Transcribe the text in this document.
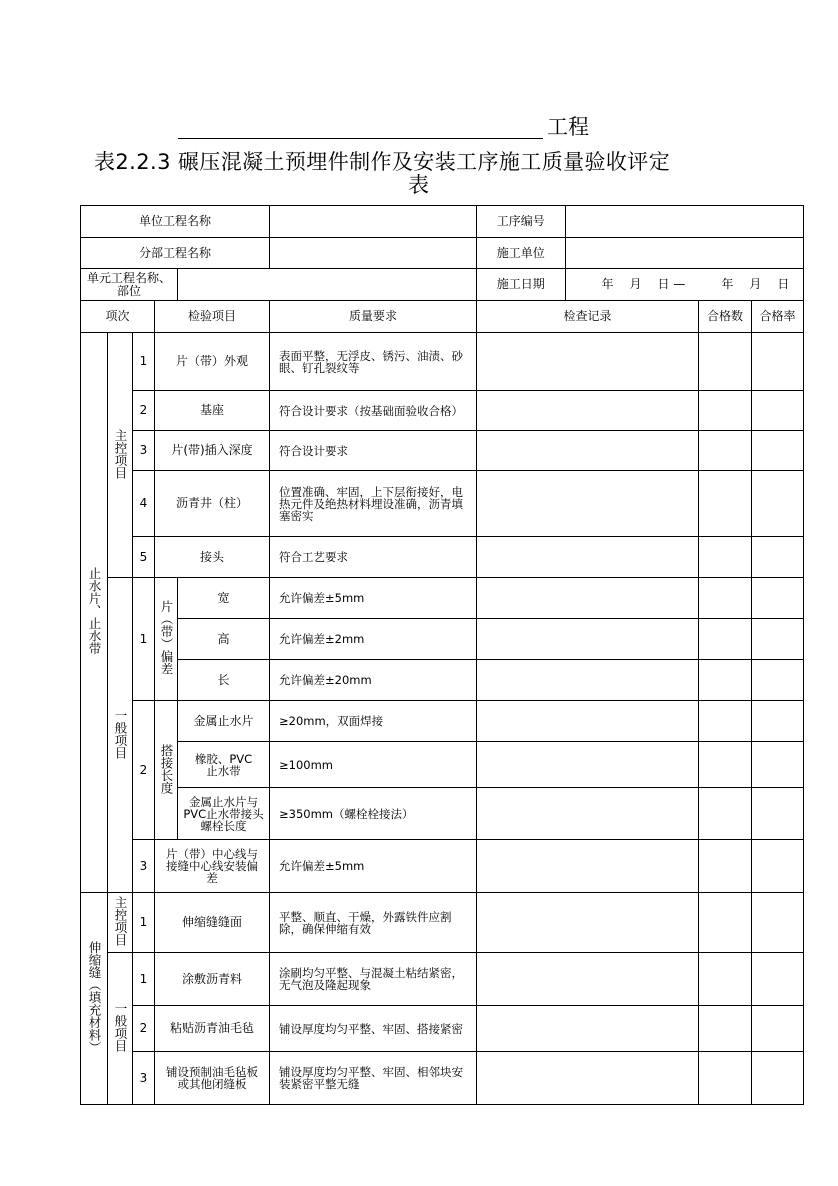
工程
表2.2.3 碾压混凝土预埋件制作及安装工序施工质量验收评定
表
单位工程名称			工序编号	

分部工程名称			施工单位	

单元工程名称、部位			施工日期	年 月 日 —	年 月 日

项次	检验项目	质量要求	检查记录	合格数	合格率
止水片、止水带	主控项目	1	片（带）外观	表面平整，无浮皮、锈污、油渍、砂眼、钉孔裂纹等			
2	基座	符合设计要求（按基础面验收合格）			
3	片(带)插入深度	符合设计要求			
4	沥青井（柱）	位置准确、牢固，上下层衔接好，电热元件及绝热材料埋设准确，沥青填塞密实			
5	接头	符合工艺要求			
一般项目	1	片（带）偏差	宽	允许偏差±5mm			
高	允许偏差±2mm			
长	允许偏差±20mm			
2	搭接长度	金属止水片	≥20mm，双面焊接			
橡胶、PVC止水带	≥100mm			
金属止水片与PVC止水带接头螺栓长度	≥350mm（螺栓栓接法）			
3	片（带）中心线与接缝中心线安装偏差	允许偏差±5mm			
伸缩缝（填充材料）	主控项目	1	伸缩缝缝面	平整、顺直、干燥，外露铁件应割除，确保伸缩有效			
一般项目	1	涂敷沥青料	涂刷均匀平整、与混凝土粘结紧密，无气泡及隆起现象			
2	粘贴沥青油毛毡	铺设厚度均匀平整、牢固、搭接紧密			
3	铺设预制油毛毡板或其他闭缝板	铺设厚度均匀平整、牢固、相邻块安装紧密平整无缝			
